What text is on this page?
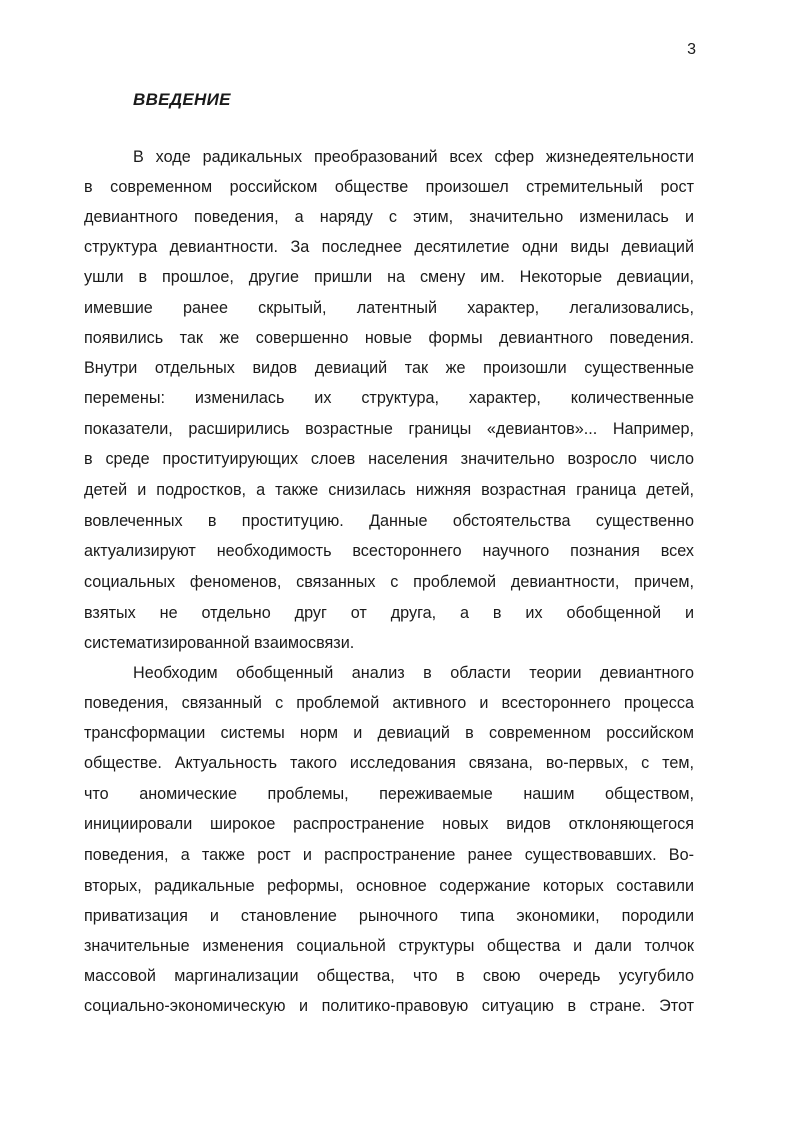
3
ВВЕДЕНИЕ
В ходе радикальных преобразований всех сфер жизнедеятельности
в современном российском обществе произошел стремительный рост
девиантного поведения, а наряду с этим, значительно изменилась и
структура девиантности. За последнее десятилетие одни виды девиаций
ушли в прошлое, другие пришли на смену им. Некоторые девиации,
имевшие ранее скрытый, латентный характер, легализовались,
появились так же совершенно новые формы девиантного поведения.
Внутри отдельных видов девиаций так же произошли существенные
перемены: изменилась их структура, характер, количественные
показатели, расширились возрастные границы «девиантов»... Например,
в среде проституирующих слоев населения значительно возросло число
детей и подростков, а также снизилась нижняя возрастная граница детей,
вовлеченных в проституцию. Данные обстоятельства существенно
актуализируют необходимость всестороннего научного познания всех
социальных феноменов, связанных с проблемой девиантности, причем,
взятых не отдельно друг от друга, а в их обобщенной и
систематизированной взаимосвязи.
Необходим обобщенный анализ в области теории девиантного
поведения, связанный с проблемой активного и всестороннего процесса
трансформации системы норм и девиаций в современном российском
обществе. Актуальность такого исследования связана, во-первых, с тем,
что аномические проблемы, переживаемые нашим обществом,
инициировали широкое распространение новых видов отклоняющегося
поведения, а также рост и распространение ранее существовавших. Во-
вторых, радикальные реформы, основное содержание которых составили
приватизация и становление рыночного типа экономики, породили
значительные изменения социальной структуры общества и дали толчок
массовой маргинализации общества, что в свою очередь усугубило
социально-экономическую и политико-правовую ситуацию в стране. Этот
